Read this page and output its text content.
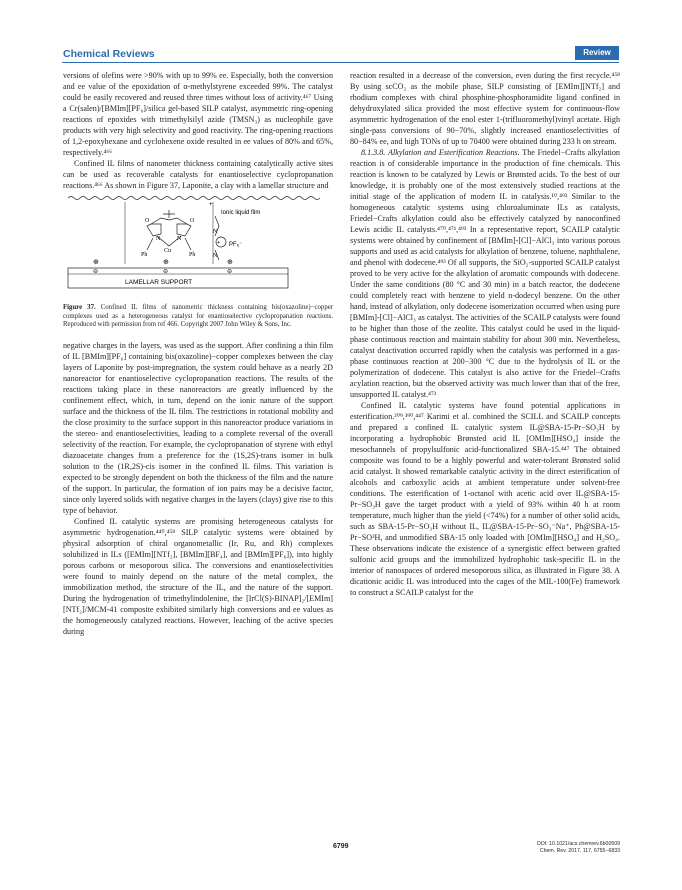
Chemical Reviews	Review

versions of olefins were >90% with up to 99% ee. Especially, both the conversion and ee value of the epoxidation of α-methylstyrene exceeded 99%. The catalyst could be easily recovered and reused three times without loss of activity.⁴⁶⁷ Using a Cr(salen)/[BMIm][PF₆]/silica gel-based SILP catalyst, asymmetric ring-opening reactions of epoxides with trimethylsilyl azide (TMSN₃) as nucleophile gave products with very high selectivity and good reactivity. The ring-opening reactions of 1,2-epoxyhexane and cyclohexene oxide resulted in ee values of 80% and 65%, respectively.⁴⁶⁶

Confined IL films of nanometer thickness containing catalytically active sites can be used as recoverable catalysts for enantioselective cyclopropanation reactions.⁴⁶⁶ As shown in Figure 37, Laponite, a clay with a lamellar structure and

O	O
N	N
Cu
Ph	Ph
+
N
N
PF₆⁻
Ionic liquid film
+
⊕	⊕	⊕
⊖	⊖	⊖
LAMELLAR SUPPORT
Figure 37. Confined IL films of nanometric thickness containing bis(oxazoline)−copper complexes used as a heterogeneous catalyst for enantioselective cyclopropanation reactions. Reproduced with permission from ref 466. Copyright 2007 John Wiley & Sons, Inc.

negative charges in the layers, was used as the support. After confining a thin film of IL [BMIm][PF₆] containing bis(oxazoline)−copper complexes between the clay layers of Laponite by post-impregnation, the system could behave as a nearly 2D nanoreactor for enantioselective cyclopropanation reactions. The results of the reactions taking place in these nanoreactors are greatly influenced by the confinement effect, which, in turn, depend on the ionic nature of the support surface and the thickness of the IL film. The restrictions in rotational mobility and the close proximity to the surface support in this nanoreactor produce variations in the stereo- and enantioselectivities, leading to a complete reversal of the overall selectivity of the reaction. For example, the cyclopropanation of styrene with ethyl diazoacetate changes from a preference for the (1S,2S)-trans isomer in bulk solution to the (1R,2S)-cis isomer in the confined IL films. This variation is expected to be strongly dependent on both the thickness of the film and the nature of the support. In particular, the formation of ion pairs may be a decisive factor, since only layered solids with negative charges in the layers (clays) give rise to this type of behavior.

Confined IL catalytic systems are promising heterogeneous catalysts for asymmetric hydrogenation.⁴⁴⁰,⁴⁵⁸ SILP catalytic systems were obtained by physical adsorption of chiral organometallic (Ir, Ru, and Rh) complexes solubilized in ILs ([EMIm][NTf₂], [BMIm][BF₄], and [BMIm][PF₆]), into highly porous carbons or mesoporous silica. The conversions and enantioselectivities were found to mainly depend on the nature of the metal complex, the immobilization method, the structure of the IL, and the nature of the support. During the hydrogenation of trimethylindolenine, the [IrCl(S)-BINAP]₂/[EMIm][NTf₂]/MCM-41 composite exhibited similarly high conversions and ee values as the homogeneously catalyzed reactions. However, leaching of the active species during

reaction resulted in a decrease of the conversion, even during the first recycle.⁴⁵⁸ By using scCO₂ as the mobile phase, SILP consisting of [EMIm][NTf₂] and rhodium complexes with chiral phosphine-phosphoramidite ligand confined in dehydroxylated silica provided the most effective system for continuous-flow asymmetric hydrogenation of the enol ester 1-(trifluoromethyl)vinyl acetate. High single-pass conversions of 90−70%, slightly increased enantioselectivities of 80−84% ee, and high TONs of up to 70400 were obtained during 233 h on stream.

8.1.3.8. Alkylation and Esterification Reactions. The Friedel−Crafts alkylation reaction is of considerable importance in the production of fine chemicals. This reaction is known to be catalyzed by Lewis or Brønsted acids. To the best of our knowledge, it is probably one of the most extensively studied reactions at the initial stage of the application of modern IL in catalysis.¹⁰,⁴⁹³ Similar to the homogeneous catalytic systems using chloroaluminate ILs as catalysts, Friedel−Crafts alkylation could also be effectively catalyzed by nanoconfined Lewis acidic IL catalysts.⁴⁷⁰,⁴⁷¹,⁴⁹³ In a representative report, SCAILP catalytic systems were obtained by confinement of [BMIm]-[Cl]−AlCl₃ into various porous supports and used as acid catalysts for alkylation of benzene, toluene, naphthalene, and phenol with dodecene.⁴⁹³ Of all supports, the SiO₂-supported SCAILP catalyst proved to be very active for the alkylation of aromatic compounds with dodecene. Under the same conditions (80 °C and 30 min) in a batch reactor, the dodecene could completely react with benzene to yield n-dodecyl benzene. On the other hand, instead of alkylation, only dodecene isomerization occurred when using pure [BMIm]-[Cl]−AlCl₃ as catalyst. The activities of the SCAILP catalysts were found to be higher than those of the zeolite. This catalyst could be used in the liquid-phase continuous reaction and maintain stability for about 300 min. Nevertheless, catalyst deactivation occurred rapidly when the catalysis was performed in a gas-phase continuous reaction at 200−300 °C due to the hydrolysis of IL or the polymerization of dodecene. This catalyst is also active for the Friedel−Crafts acylation reaction, but the observed activity was much lower than that of the free, unsupported IL catalyst.⁴⁷³

Confined IL catalytic systems have found potential applications in esterification.²⁰⁹,³⁹⁰,⁴⁴⁷ Karimi et al. combined the SCILL and SCAILP concepts and prepared a confined IL catalytic system IL@SBA-15-Pr−SO₃H by incorporating a hydrophobic Brønsted acid IL [OMIm][HSO₄] inside the mesochannels of propylsulfonic acid-functionalized SBA-15.⁴⁴⁷ The obtained composite was found to be a highly powerful and water-tolerant Brønsted solid acid catalyst. It showed remarkable catalytic activity in the direct esterification of alcohols and carboxylic acids at ambient temperature under solvent-free conditions. The esterification of 1-octanol with acetic acid over IL@SBA-15-Pr−SO₃H gave the target product with a yield of 93% within 40 h at room temperature, much higher than the yield (<74%) for a number of other solid acids, such as SBA-15-Pr−SO₃H without IL, IL@SBA-15-Pr−SO₃⁻Na⁺, Ph@SBA-15-Pr−SO³H, and unmodified SBA-15 only loaded with [OMIm][HSO₄] and H₂SO₄. These observations indicate the existence of a synergistic effect between grafted sulfonic acid groups and the immobilized hydrophobic task-specific IL in the interior of nanospaces of ordered mesoporous silica, as illustrated in Figure 38. A dicationic acidic IL was introduced into the cages of the MIL-100(Fe) framework to construct a SCAILP catalyst for the

6799	DOI: 10.1021/acs.chemrev.6b00509
Chem. Rev. 2017, 117, 6755−6833
